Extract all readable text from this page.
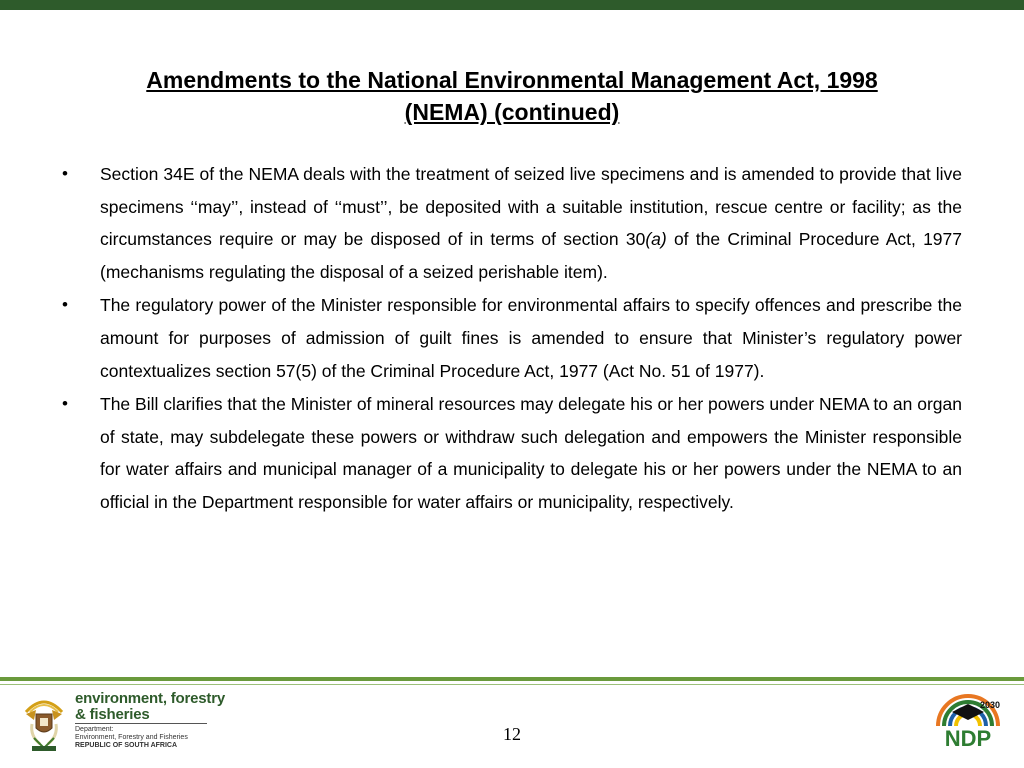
Amendments to the National Environmental Management Act, 1998
(NEMA) (continued)
• Section 34E of the NEMA deals with the treatment of seized live specimens and is amended to provide that live specimens ‘‘may’’, instead of ‘‘must’’, be deposited with a suitable institution, rescue centre or facility; as the circumstances require or may be disposed of in terms of section 30(a) of the Criminal Procedure Act, 1977 (mechanisms regulating the disposal of a seized perishable item).
• The regulatory power of the Minister responsible for environmental affairs to specify offences and prescribe the amount for purposes of admission of guilt fines is amended to ensure that Minister’s regulatory power contextualizes section 57(5) of the Criminal Procedure Act, 1977 (Act No. 51 of 1977).
• The Bill clarifies that the Minister of mineral resources may delegate his or her powers under NEMA to an organ of state, may subdelegate these powers or withdraw such delegation and empowers the Minister responsible for water affairs and municipal manager of a municipality to delegate his or her powers under the NEMA to an official in the Department responsible for water affairs or municipality, respectively.
environment, forestry
& fisheries
Department:
Environment, Forestry and Fisheries
REPUBLIC OF SOUTH AFRICA
12
2030
NDP
